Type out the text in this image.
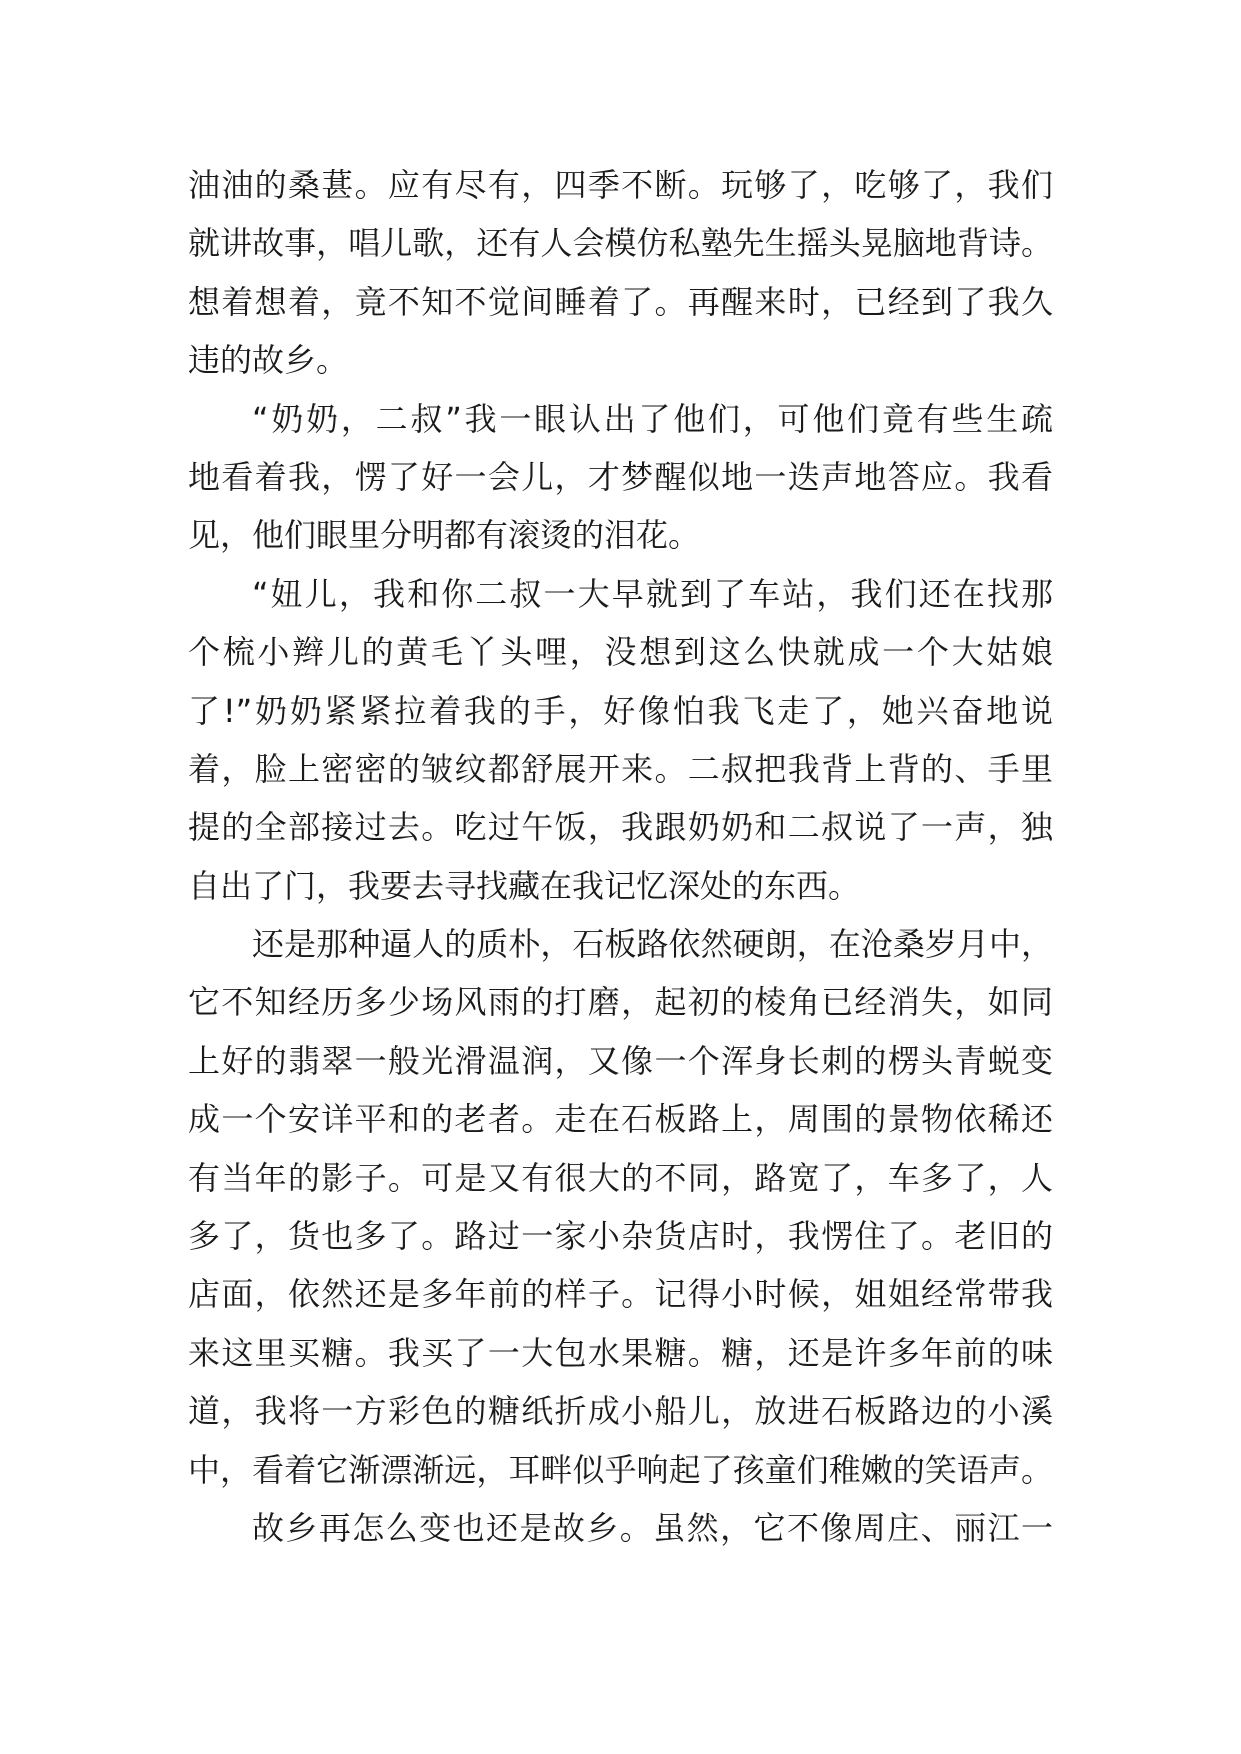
油油的桑葚。应有尽有，四季不断。玩够了，吃够了，我们
就讲故事，唱儿歌，还有人会模仿私塾先生摇头晃脑地背诗。
想着想着，竟不知不觉间睡着了。再醒来时，已经到了我久
违的故乡。
“奶奶，二叔”我一眼认出了他们，可他们竟有些生疏
地看着我，愣了好一会儿，才梦醒似地一迭声地答应。我看
见，他们眼里分明都有滚烫的泪花。
“妞儿，我和你二叔一大早就到了车站，我们还在找那
个梳小辫儿的黄毛丫头哩，没想到这么快就成一个大姑娘
了!”奶奶紧紧拉着我的手，好像怕我飞走了，她兴奋地说
着，脸上密密的皱纹都舒展开来。二叔把我背上背的、手里
提的全部接过去。吃过午饭，我跟奶奶和二叔说了一声，独
自出了门，我要去寻找藏在我记忆深处的东西。
还是那种逼人的质朴，石板路依然硬朗，在沧桑岁月中，
它不知经历多少场风雨的打磨，起初的棱角已经消失，如同
上好的翡翠一般光滑温润，又像一个浑身长刺的楞头青蜕变
成一个安详平和的老者。走在石板路上，周围的景物依稀还
有当年的影子。可是又有很大的不同，路宽了，车多了，人
多了，货也多了。路过一家小杂货店时，我愣住了。老旧的
店面，依然还是多年前的样子。记得小时候，姐姐经常带我
来这里买糖。我买了一大包水果糖。糖，还是许多年前的味
道，我将一方彩色的糖纸折成小船儿，放进石板路边的小溪
中，看着它渐漂渐远，耳畔似乎响起了孩童们稚嫩的笑语声。
故乡再怎么变也还是故乡。虽然，它不像周庄、丽江一
